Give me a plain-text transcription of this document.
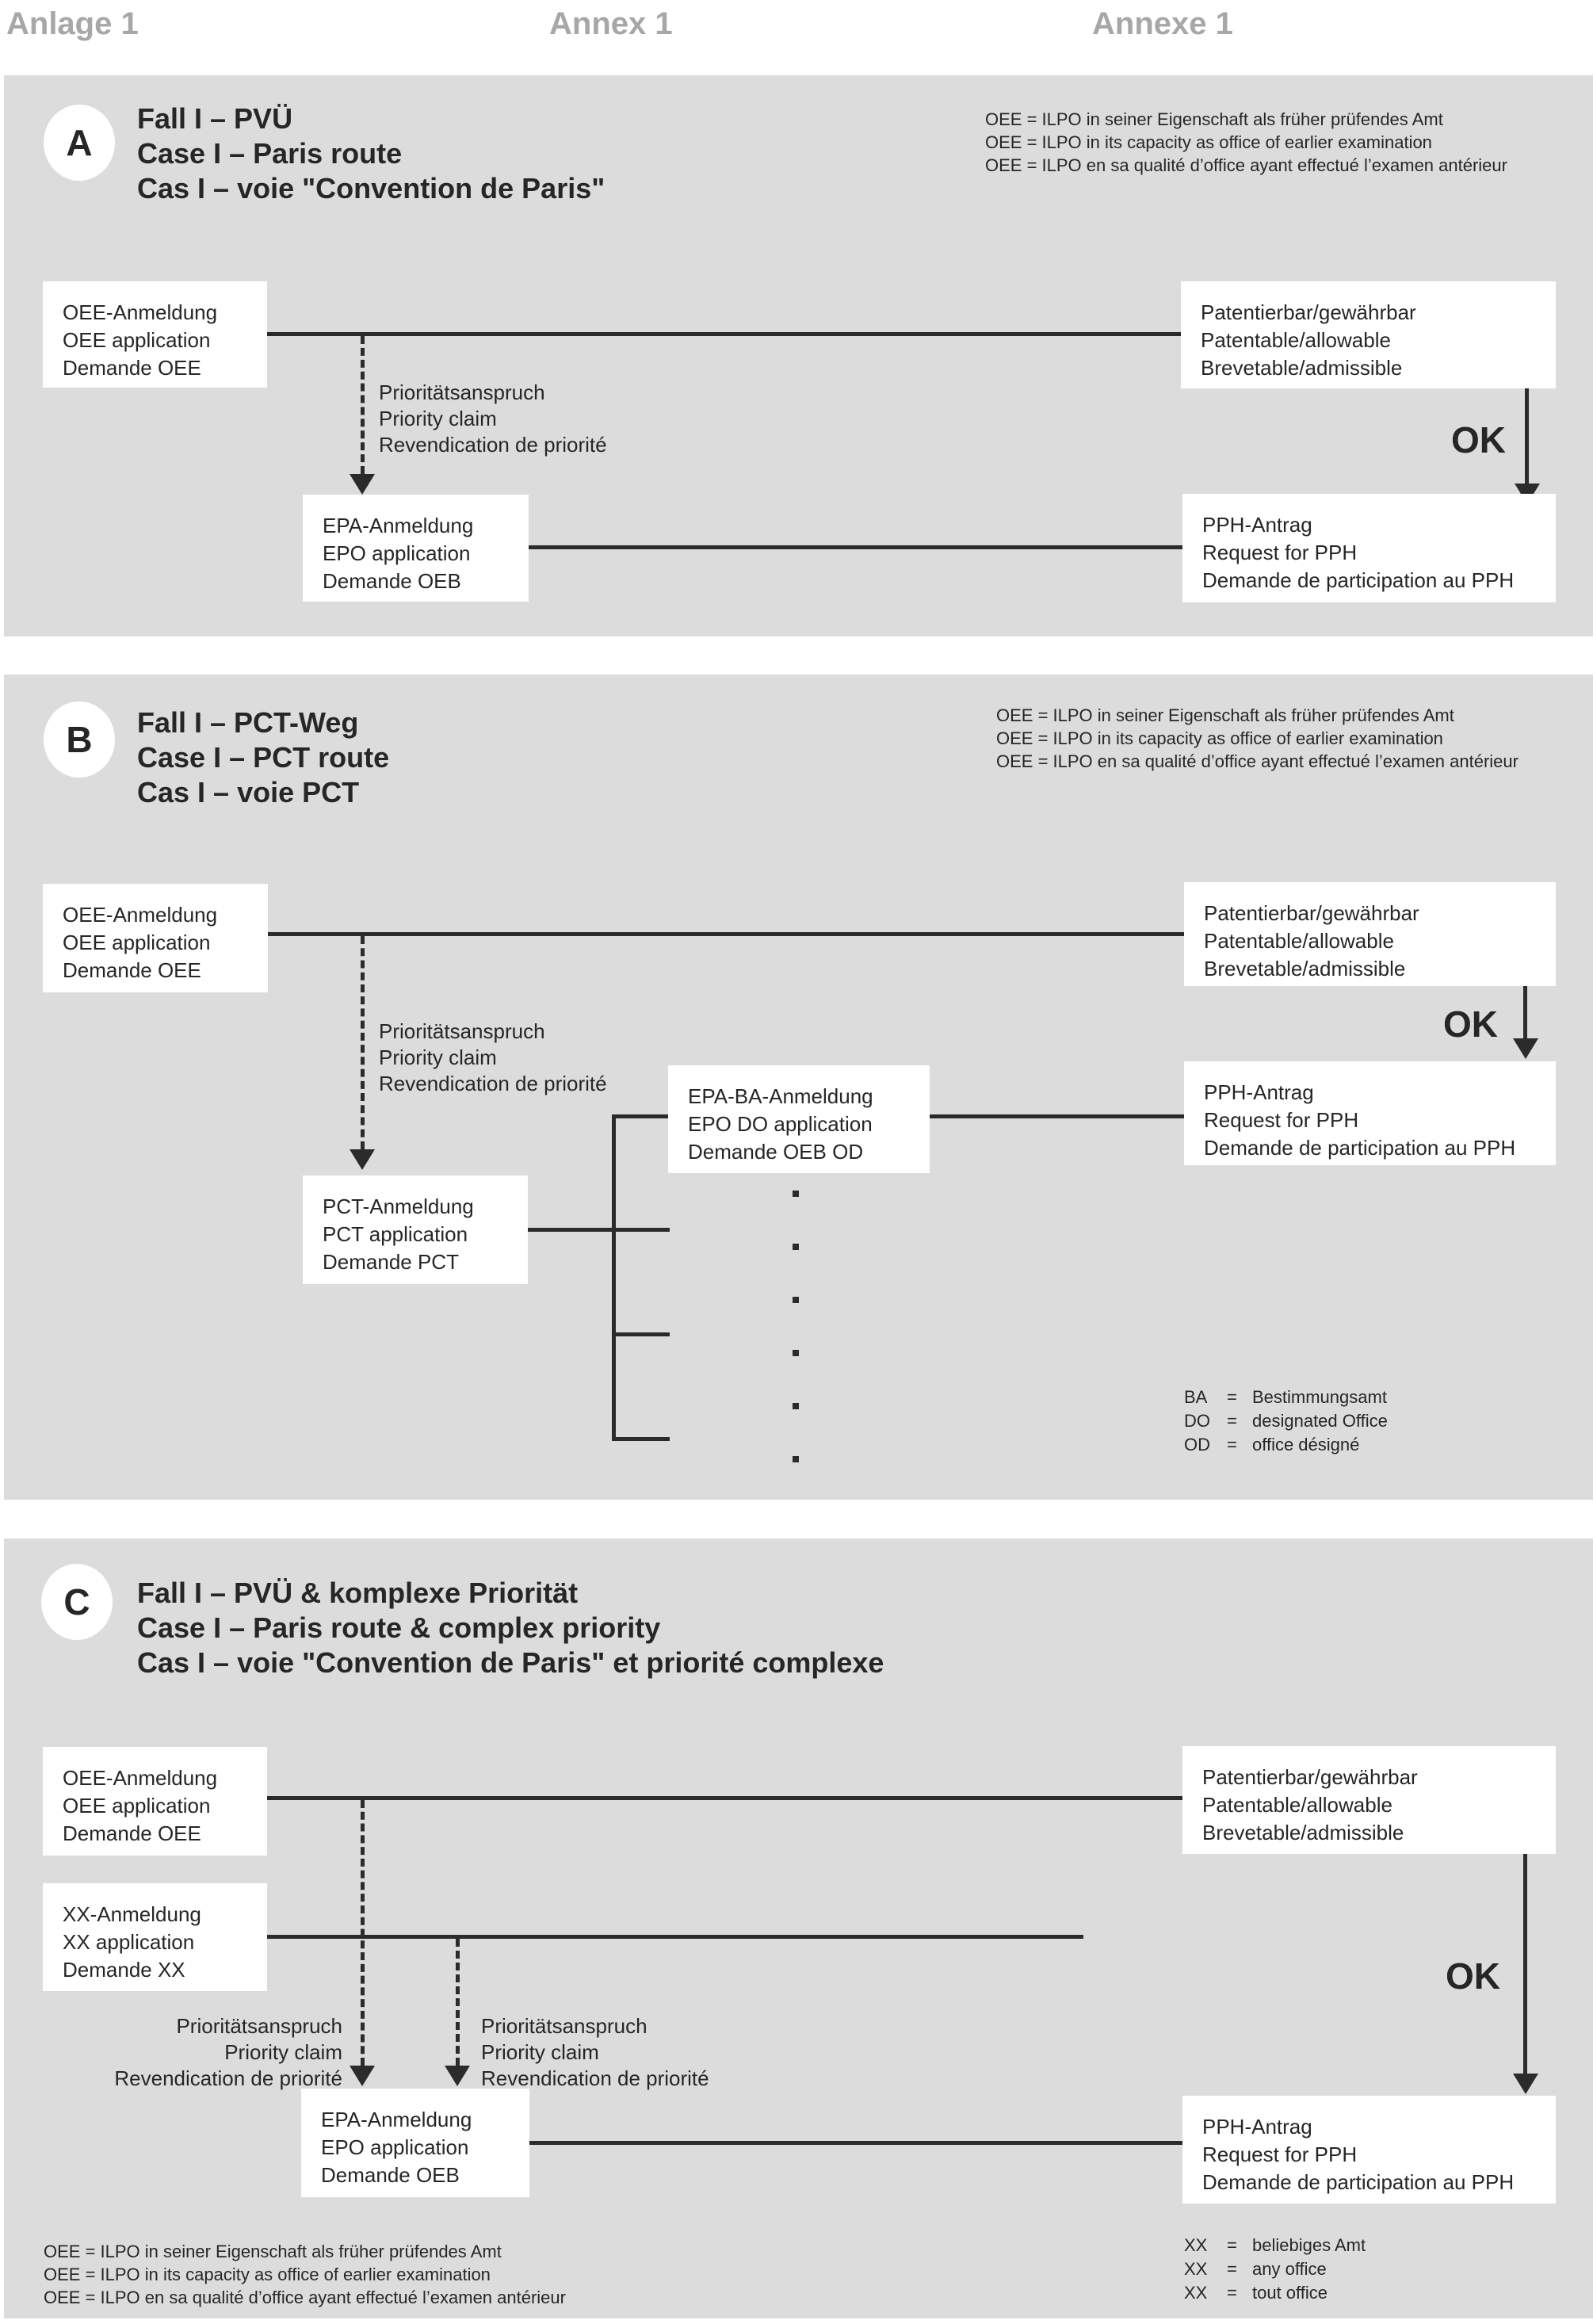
Anlage 1	Annex 1	Annexe 1
A
Fall I – PVÜ
Case I – Paris route
Cas I – voie "Convention de Paris"
OEE = ILPO in seiner Eigenschaft als früher prüfendes Amt
OEE = ILPO in its capacity as office of earlier examination
OEE = ILPO en sa qualité d’office ayant effectué l’examen antérieur
OEE-Anmeldung
OEE application
Demande OEE
Patentierbar/gewährbar
Patentable/allowable
Brevetable/admissible
EPA-Anmeldung
EPO application
Demande OEB
PPH-Antrag
Request for PPH
Demande de participation au PPH
Prioritätsanspruch
Priority claim
Revendication de priorité	OK
B	Fall I – PCT-Weg
Case I – PCT route
Cas I – voie PCT
OEE = ILPO in seiner Eigenschaft als früher prüfendes Amt
OEE = ILPO in its capacity as office of earlier examination
OEE = ILPO en sa qualité d’office ayant effectué l’examen antérieur
OEE-Anmeldung
OEE application
Demande OEE
Patentierbar/gewährbar
Patentable/allowable
Brevetable/admissible
EPA-BA-Anmeldung
EPO DO application
Demande OEB OD
PCT-Anmeldung
PCT application
Demande PCT
PPH-Antrag
Request for PPH
Demande de participation au PPH
Prioritätsanspruch
Priority claim
Revendication de priorité
OK
BA	= Bestimmungsamt
DO = designated Office
OD = office désigné
C	Fall I – PVÜ & komplexe Priorität
Case I – Paris route & complex priority
Cas I – voie "Convention de Paris" et priorité complexe
OEE-Anmeldung
OEE application
Demande OEE
XX-Anmeldung
XX application
Demande XX
Patentierbar/gewährbar
Patentable/allowable
Brevetable/admissible
EPA-Anmeldung
EPO application
Demande OEB
PPH-Antrag
Request for PPH
Demande de participation au PPH
Prioritätsanspruch
Priority claim
Revendication de priorité
Prioritätsanspruch
Priority claim
Revendication de priorité
OK
OEE = ILPO in seiner Eigenschaft als früher prüfendes Amt
OEE = ILPO in its capacity as office of earlier examination
OEE = ILPO en sa qualité d’office ayant effectué l’examen antérieur
XX	= beliebiges Amt
XX	= any office
XX	= tout office
